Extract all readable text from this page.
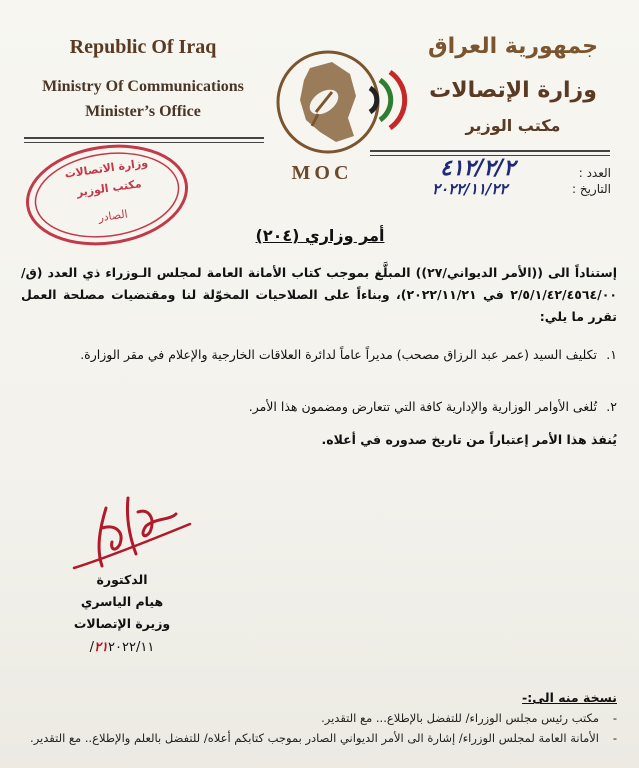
Republic Of Iraq
Ministry Of Communications
Minister’s Office
جمهورية العراق
وزارة الإتصالات
مكتب الوزير
MOC	العدد :
التاريخ :
٤١٢/٢/٢
٢٠٢٢/١١/٢٢
وزارة الاتصالات
مكتب الوزير
الصادر
أمر وزاري (٢٠٤)
إستناداً الى ((الأمر الديواني/٢٧)) المبلَّغ بموجب كتاب الأمانة العامة لمجلس الـوزراء ذي العدد (ق/٢/٥/١/٤٢/٤٥٦٤/٠٠ في ٢٠٢٢/١١/٢١)، وبناءاً على الصلاحيات المخوّلة لنا ومقتضيات مصلحة العمل تقرر ما يلي:
١.تكليف السيد (عمر عبد الرزاق مصحب) مديراً عاماً لدائرة العلاقات الخارجية والإعلام في مقر الوزارة.
٢.تُلغى الأوامر الوزارية والإدارية كافة التي تتعارض ومضمون هذا الأمر.
يُنفذ هذا الأمر إعتباراً من تاريخ صدوره في أعلاه.
الدكتورة
هيام الياسري
وزيرة الإتصالات
٢١٢٠٢٢/١١/
نسخة منه الى:-
-مكتب رئيس مجلس الوزراء/ للتفضل بالإطلاع... مع التقدير.
-الأمانة العامة لمجلس الوزراء/ إشارة الى الأمر الديواني الصادر بموجب كتابكم أعلاه/ للتفضل بالعلم والإطلاع.. مع التقدير.
